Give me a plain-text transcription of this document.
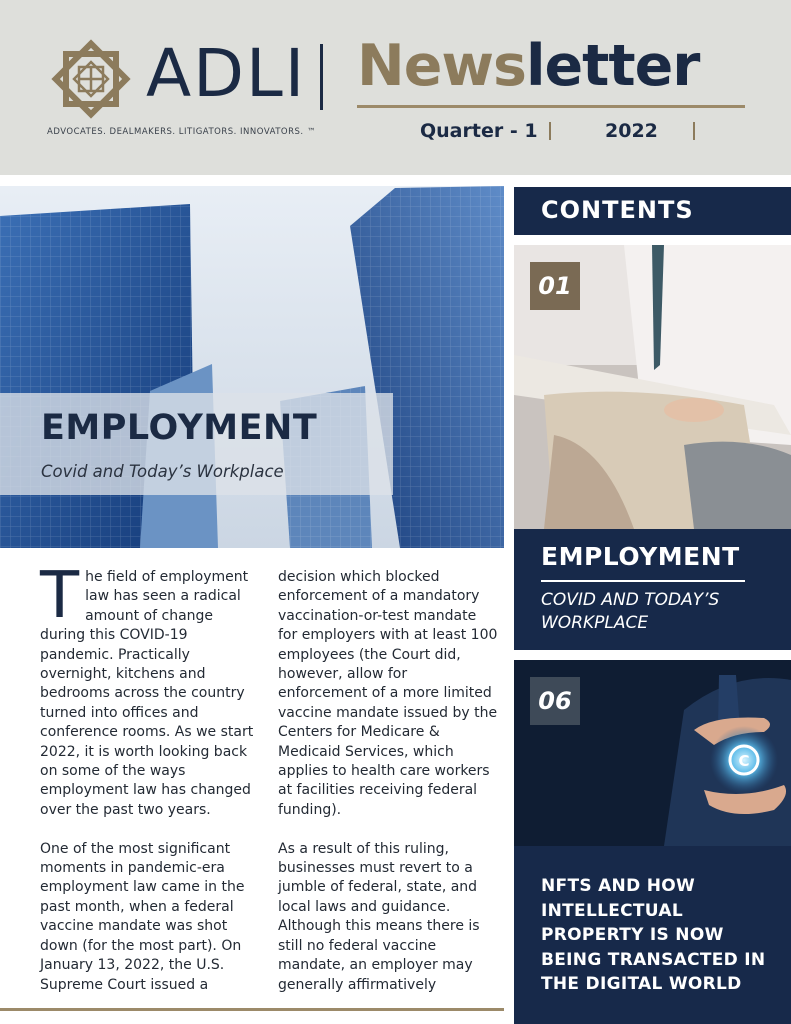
ADLI
ADVOCATES. DEALMAKERS. LITIGATORS. INNOVATORS. ™
Newsletter
Quarter - 1	2022
EMPLOYMENT
Covid and Today’s Workplace
The field of employment law has seen a radical amount of change during this COVID-19 pandemic. Practically overnight, kitchens and bedrooms across the country turned into offices and conference rooms. As we start 2022, it is worth looking back on some of the ways employment law has changed over the past two years.
One of the most significant moments in pandemic-era employment law came in the past month, when a federal vaccine mandate was shot down (for the most part). On January 13, 2022, the U.S. Supreme Court issued a
decision which blocked enforcement of a mandatory vaccination-or-test mandate for employers with at least 100 employees (the Court did, however, allow for enforcement of a more limited vaccine mandate issued by the Centers for Medicare & Medicaid Services, which applies to health care workers at facilities receiving federal funding).
As a result of this ruling, businesses must revert to a jumble of federal, state, and local laws and guidance. Although this means there is still no federal vaccine mandate, an employer may generally affirmatively
CONTENTS
01
EMPLOYMENT
COVID AND TODAY’S WORKPLACE
C
06
NFTS AND HOW INTELLECTUAL PROPERTY IS NOW BEING TRANSACTED IN THE DIGITAL WORLD
